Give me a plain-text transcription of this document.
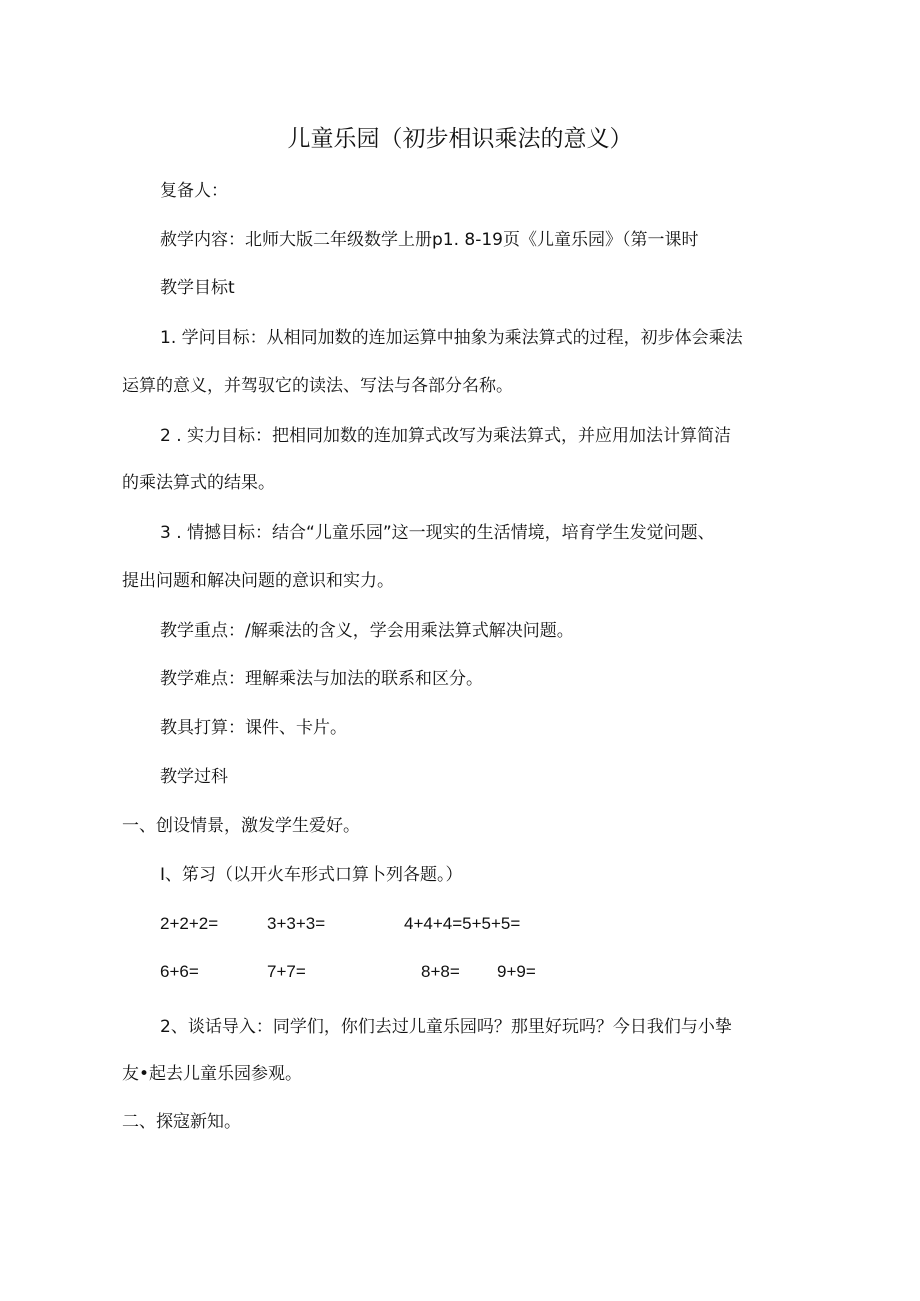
儿童乐园（初步相识乘法的意义）
复备人：
赦学内容：北师大版二年级数学上册p1. 8-19页《儿童乐园》（第一课时
教学目标t
1. 学问目标：从相同加数的连加运算中抽象为乘法算式的过程，初步体会乘法
运算的意义，并驾驭它的读法、写法与各部分名称。
2 . 实力目标：把相同加数的连加算式改写为乘法算式，并应用加法计算简洁
的乘法算式的结果。
3 . 情撼目标：结合“儿童乐园”这一现实的生活情境，培育学生发觉问题、
提出问题和解决问题的意识和实力。
教学重点：/解乘法的含义，学会用乘法算式解决问题。
教学难点：理解乘法与加法的联系和区分。
教具打算：课件、卡片。
教学过科
一、创设情景，激发学生爱好。
I、笫习（以开火车形式口算卜列各题。）
2+2+2=	3+3+3=	4+4+4=5+5+5=
6+6=	7+7=	8+8= 9+9=
2、谈话导入：同学们，你们去过儿童乐园吗？那里好玩吗？今日我们与小挚
友•起去儿童乐园参观。
二、探寇新知。
